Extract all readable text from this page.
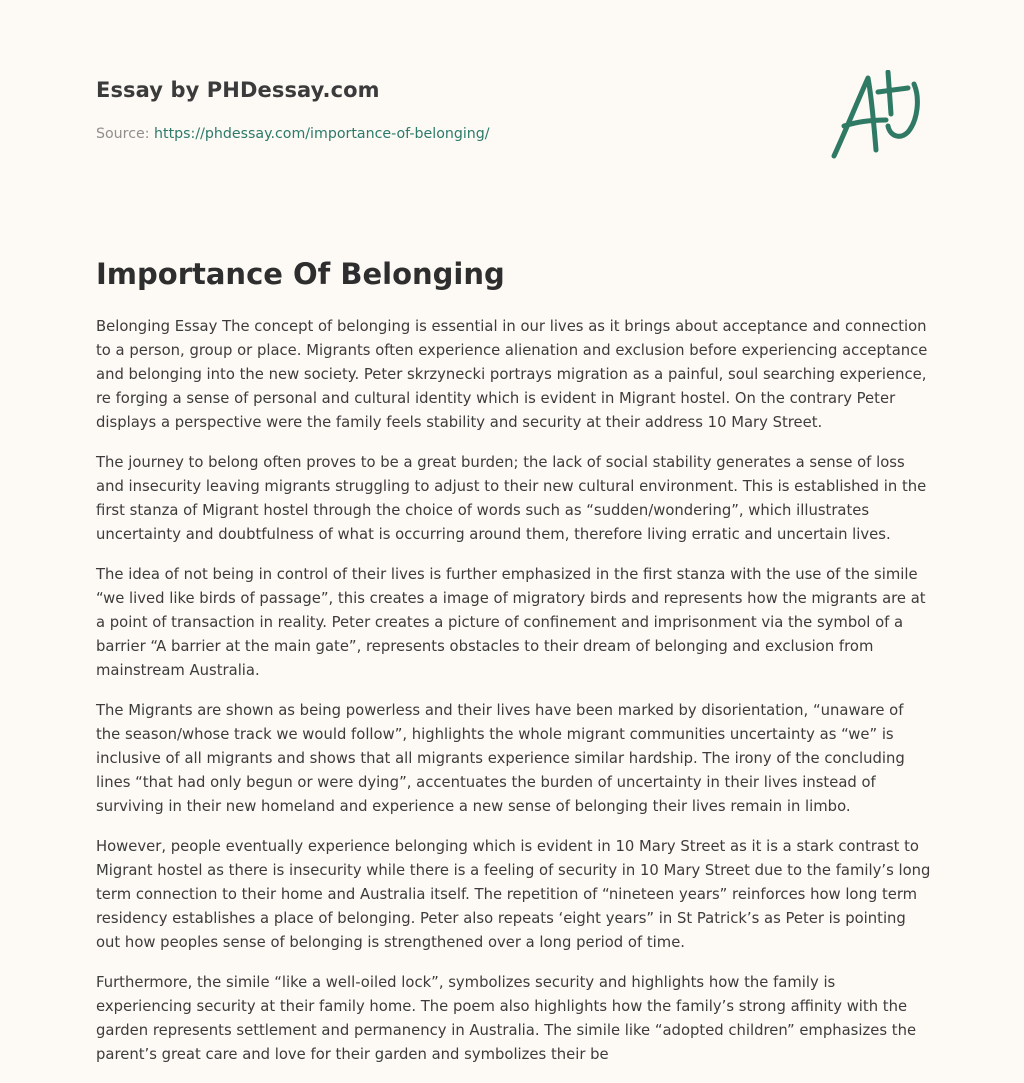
Essay by PHDessay.com
Source: https://phdessay.com/importance-of-belonging/
Importance Of Belonging

Belonging Essay The concept of belonging is essential in our lives as it brings about acceptance and connection to a person, group or place. Migrants often experience alienation and exclusion before experiencing acceptance and belonging into the new society. Peter skrzynecki portrays migration as a painful, soul searching experience, re forging a sense of personal and cultural identity which is evident in Migrant hostel. On the contrary Peter displays a perspective were the family feels stability and security at their address 10 Mary Street.

The journey to belong often proves to be a great burden; the lack of social stability generates a sense of loss and insecurity leaving migrants struggling to adjust to their new cultural environment. This is established in the first stanza of Migrant hostel through the choice of words such as “sudden/wondering”, which illustrates uncertainty and doubtfulness of what is occurring around them, therefore living erratic and uncertain lives.

The idea of not being in control of their lives is further emphasized in the first stanza with the use of the simile “we lived like birds of passage”, this creates a image of migratory birds and represents how the migrants are at a point of transaction in reality. Peter creates a picture of confinement and imprisonment via the symbol of a barrier “A barrier at the main gate”, represents obstacles to their dream of belonging and exclusion from mainstream Australia.

The Migrants are shown as being powerless and their lives have been marked by disorientation, “unaware of the season/whose track we would follow”, highlights the whole migrant communities uncertainty as “we” is inclusive of all migrants and shows that all migrants experience similar hardship. The irony of the concluding lines “that had only begun or were dying”, accentuates the burden of uncertainty in their lives instead of surviving in their new homeland and experience a new sense of belonging their lives remain in limbo.

However, people eventually experience belonging which is evident in 10 Mary Street as it is a stark contrast to Migrant hostel as there is insecurity while there is a feeling of security in 10 Mary Street due to the family’s long term connection to their home and Australia itself. The repetition of “nineteen years” reinforces how long term residency establishes a place of belonging. Peter also repeats ‘eight years” in St Patrick’s as Peter is pointing out how peoples sense of belonging is strengthened over a long period of time.

Furthermore, the simile “like a well-oiled lock”, symbolizes security and highlights how the family is experiencing security at their family home. The poem also highlights how the family’s strong affinity with the garden represents settlement and permanency in Australia. The simile like “adopted children” emphasizes the parent’s great care and love for their garden and symbolizes their be
